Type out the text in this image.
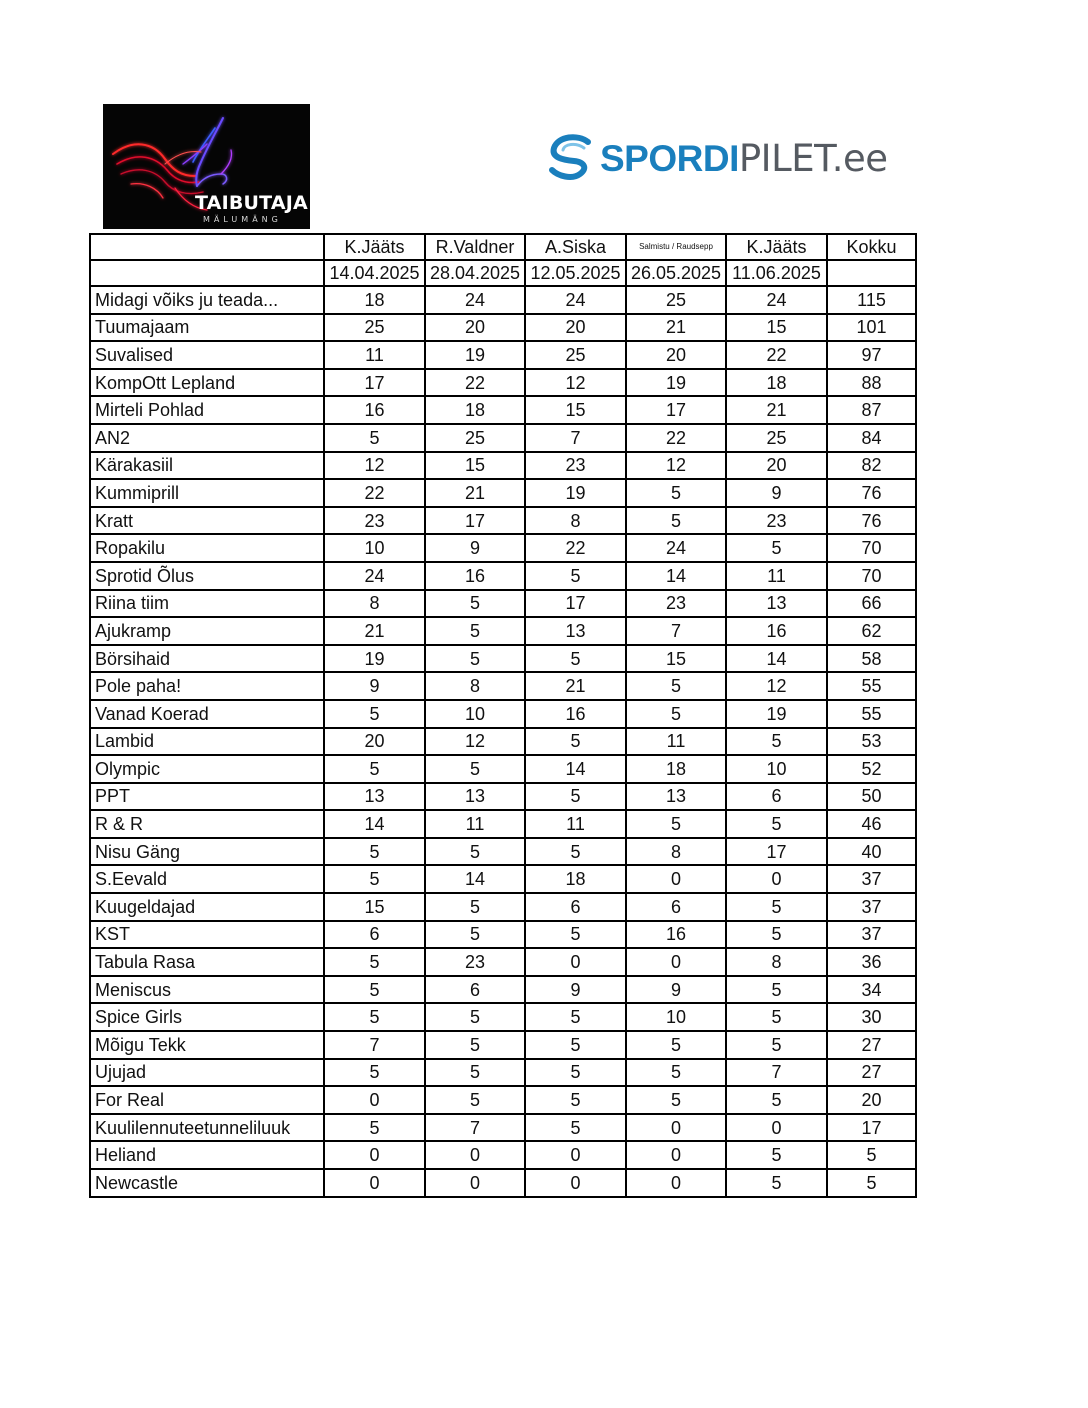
TAIBUTAJA
MÄLUMÄNG
SPORDIPILET.ee
	K.Jääts	R.Valdner	A.Siska	Salmistu / Raudsepp	K.Jääts	Kokku
	14.04.2025	28.04.2025	12.05.2025	26.05.2025	11.06.2025	
Midagi võiks ju teada...	18	24	24	25	24	115
Tuumajaam	25	20	20	21	15	101
Suvalised	11	19	25	20	22	97
KompOtt Lepland	17	22	12	19	18	88
Mirteli Pohlad	16	18	15	17	21	87
AN2	5	25	7	22	25	84
Kärakasiil	12	15	23	12	20	82
Kummiprill	22	21	19	5	9	76
Kratt	23	17	8	5	23	76
Ropakilu	10	9	22	24	5	70
Sprotid Õlus	24	16	5	14	11	70
Riina tiim	8	5	17	23	13	66
Ajukramp	21	5	13	7	16	62
Börsihaid	19	5	5	15	14	58
Pole paha!	9	8	21	5	12	55
Vanad Koerad	5	10	16	5	19	55
Lambid	20	12	5	11	5	53
Olympic	5	5	14	18	10	52
PPT	13	13	5	13	6	50
R & R	14	11	11	5	5	46
Nisu Gäng	5	5	5	8	17	40
S.Eevald	5	14	18	0	0	37
Kuugeldajad	15	5	6	6	5	37
KST	6	5	5	16	5	37
Tabula Rasa	5	23	0	0	8	36
Meniscus	5	6	9	9	5	34
Spice Girls	5	5	5	10	5	30
Mõigu Tekk	7	5	5	5	5	27
Ujujad	5	5	5	5	7	27
For Real	0	5	5	5	5	20
Kuulilennuteetunneliluuk	5	7	5	0	0	17
Heliand	0	0	0	0	5	5
Newcastle	0	0	0	0	5	5
